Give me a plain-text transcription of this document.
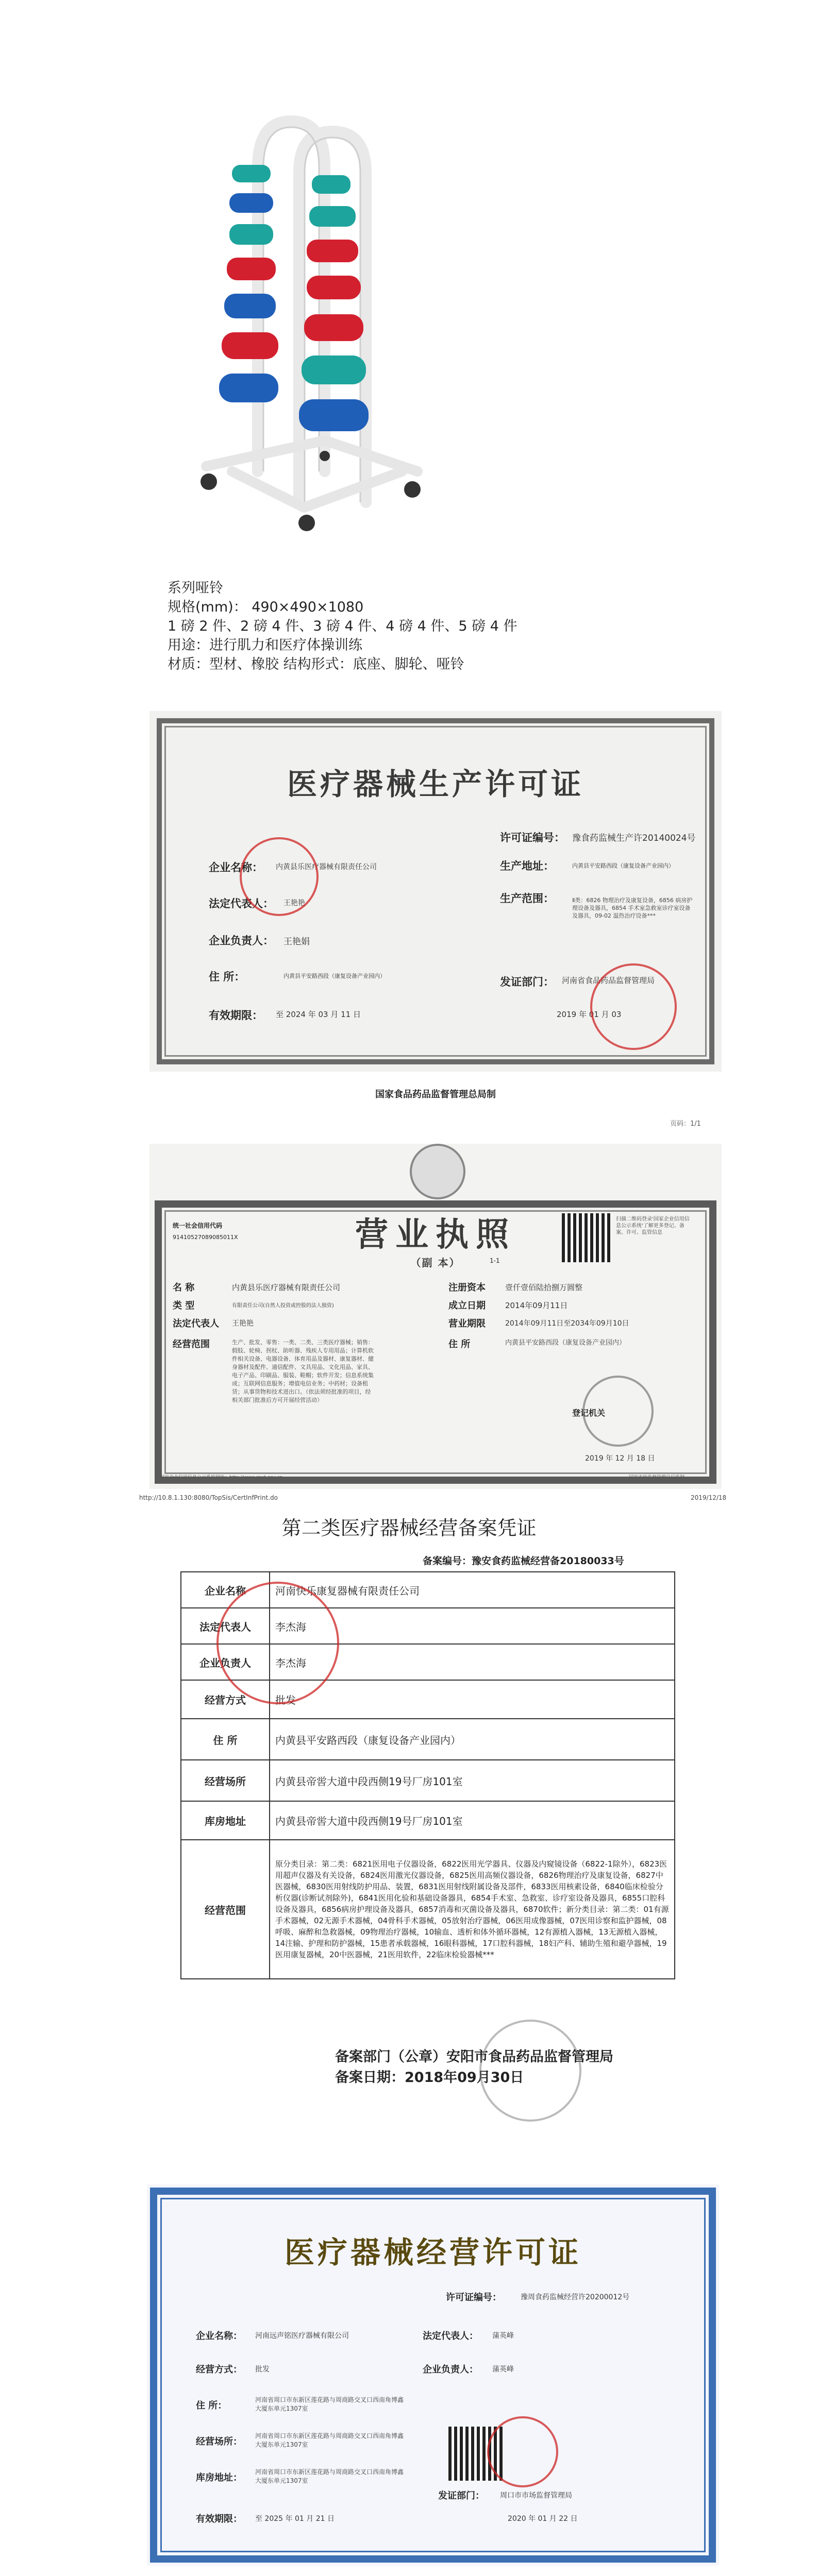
系列哑铃
规格(mm)： 490×490×1080
1 磅 2 件、2 磅 4 件、3 磅 4 件、4 磅 4 件、5 磅 4 件
用途：进行肌力和医疗体操训练
材质：型材、橡胶 结构形式：底座、脚轮、哑铃
医疗器械生产许可证
许可证编号： 豫食药监械生产许20140024号
企业名称： 内黄县乐医疗器械有限责任公司	生产地址：	内黄县平安路西段（康复设备产业园内）
法定代表人： 王艳艳	生产范围：	Ⅱ类：6826 物理治疗及康复设备，6856 病房护理设备及器具，6854 手术室急救室诊疗室设备及器具，09-02 温热治疗设备***
企业负责人： 王艳娟
住 所：	内黄县平安路西段（康复设备产业园内）	发证部门： 河南省食品药品监督管理局
有效期限： 至 2024 年 03 月 11 日	2019 年 01 月 03
国家食品药品监督管理总局制
页码：1/1
营业执照
（副 本）	1-1
统一社会信用代码
91410527089085011X
扫描二维码登录'国家企业信用信息公示系统'了解更多登记、备案、许可、监管信息
名 称	内黄县乐医疗器械有限责任公司
类 型	有限责任公司(自然人投资或控股的法人独资)
法定代表人 王艳艳
经营范围	生产、批发、零售：一类、二类、三类医疗器械；销售：假肢、轮椅、拐杖、助听器、残疾人专用用品；计算机软件相关设备、电器设备、体育用品及器材、康复器材、健身器材及配件、通信配件、文具用品、文化用品、家具、电子产品、印刷品、服装、鞋帽；软件开发；信息系统集成；互联网信息服务；增值电信业务；中药材；设备租赁；从事货物和技术进出口。（依法须经批准的项目，经相关部门批准后方可开展经营活动）
注册资本	壹仟壹佰陆拾捌万圆整
成立日期	2014年09月11日
营业期限	2014年09月11日至2034年09月10日
住 所	内黄县平安路西段（康复设备产业园内）
登记机关
2019 年 12 月 18 日
国家企业信用信息公示系统网址：http://www.gsxt.gov.cn	国家市场监督管理总局监制
http://10.8.1.130:8080/TopSis/CertInfPrint.do	2019/12/18
第二类医疗器械经营备案凭证
备案编号：豫安食药监械经营备20180033号
企业名称	河南快乐康复器械有限责任公司
法定代表人	李杰海
企业负责人	李杰海
经营方式	批发
住 所	内黄县平安路西段（康复设备产业园内）
经营场所	内黄县帝喾大道中段西侧19号厂房101室
库房地址	内黄县帝喾大道中段西侧19号厂房101室
经营范围	原分类目录：第二类：6821医用电子仪器设备，6822医用光学器具、仪器及内窥镜设备（6822-1除外），6823医用超声仪器及有关设备，6824医用激光仪器设备，6825医用高频仪器设备，6826物理治疗及康复设备，6827中医器械，6830医用射线防护用品、装置，6831医用射线附属设备及部件，6833医用核素设备，6840临床检验分析仪器(诊断试剂除外)，6841医用化验和基础设备器具，6854手术室、急救室、诊疗室设备及器具，6855口腔科设备及器具，6856病房护理设备及器具，6857消毒和灭菌设备及器具，6870软件；新分类目录：第二类：01有源手术器械，02无源手术器械，04骨科手术器械，05放射治疗器械，06医用成像器械，07医用诊察和监护器械，08呼吸、麻醉和急救器械，09物理治疗器械，10输血、透析和体外循环器械，12有源植入器械，13无源植入器械，14注输、护理和防护器械，15患者承载器械，16眼科器械，17口腔科器械，18妇产科、辅助生殖和避孕器械，19医用康复器械，20中医器械，21医用软件，22临床检验器械***
备案部门（公章）安阳市食品药品监督管理局
备案日期：2018年09月30日
医疗器械经营许可证
许可证编号：	豫周食药监械经营许20200012号
企业名称： 河南远声铭医疗器械有限公司	法定代表人： 蒲英峰
经营方式： 批发	企业负责人： 蒲英峰
住 所：
河南省周口市东新区莲花路与周商路交叉口西南角博鑫大厦东单元1307室
经营场所：
河南省周口市东新区莲花路与周商路交叉口西南角博鑫大厦东单元1307室
库房地址：
河南省周口市东新区莲花路与周商路交叉口西南角博鑫大厦东单元1307室
有效期限： 至 2025 年 01 月 21 日
发证部门： 周口市市场监督管理局
2020 年 01 月 22 日
